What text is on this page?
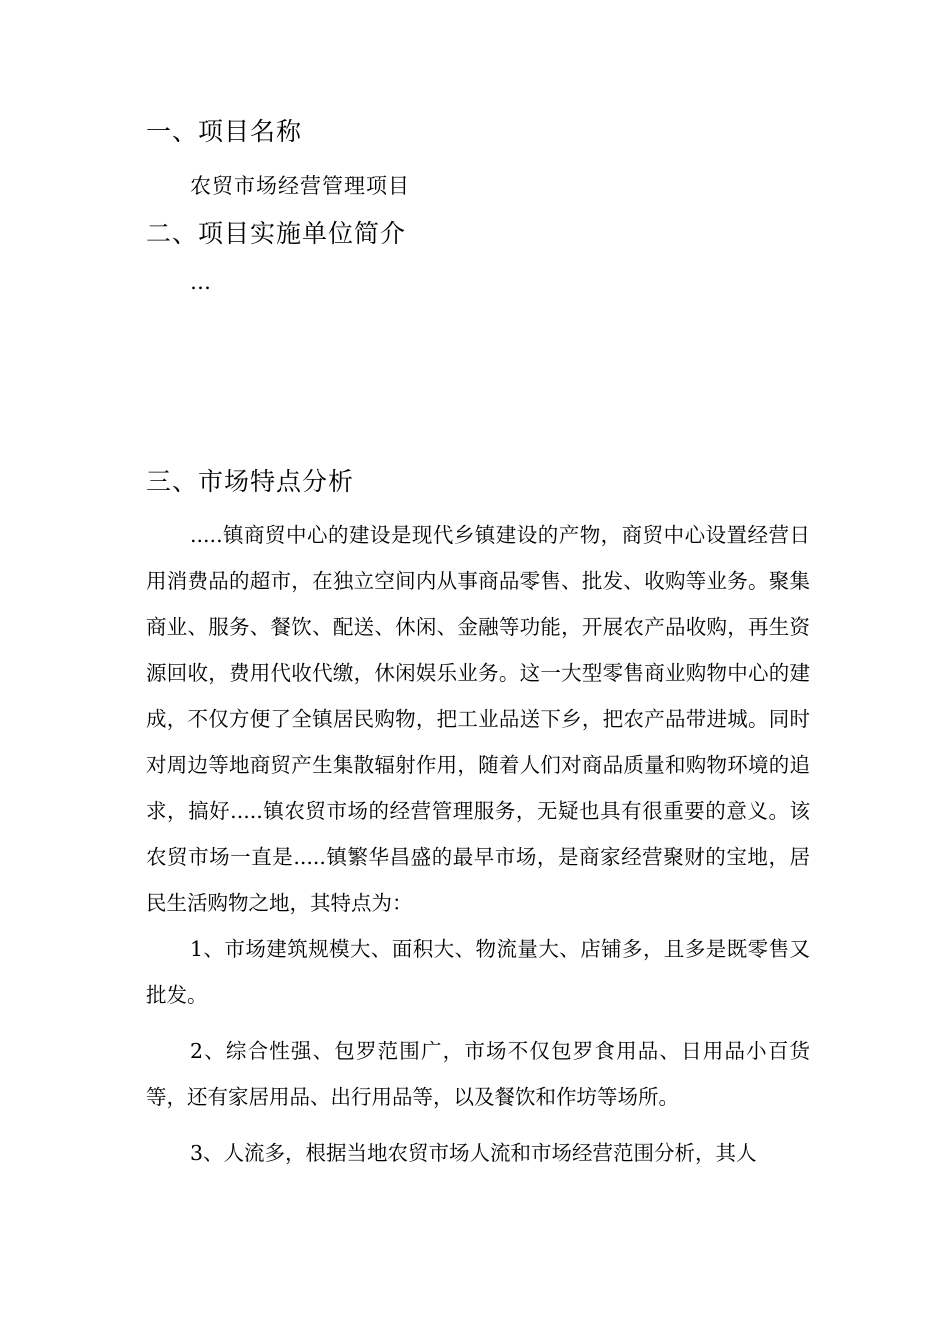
一、项目名称
农贸市场经营管理项目
二、项目实施单位简介
…
三、市场特点分析

.....镇商贸中心的建设是现代乡镇建设的产物，商贸中心设置经营日用消费品的超市，在独立空间内从事商品零售、批发、收购等业务。聚集商业、服务、餐饮、配送、休闲、金融等功能，开展农产品收购，再生资源回收，费用代收代缴，休闲娱乐业务。这一大型零售商业购物中心的建成，不仅方便了全镇居民购物，把工业品送下乡，把农产品带进城。同时对周边等地商贸产生集散辐射作用，随着人们对商品质量和购物环境的追求，搞好.....镇农贸市场的经营管理服务，无疑也具有很重要的意义。该农贸市场一直是.....镇繁华昌盛的最早市场，是商家经营聚财的宝地，居民生活购物之地，其特点为：

1、市场建筑规模大、面积大、物流量大、店铺多，且多是既零售又批发。

2、综合性强、包罗范围广，市场不仅包罗食用品、日用品小百货等，还有家居用品、出行用品等，以及餐饮和作坊等场所。

3、人流多，根据当地农贸市场人流和市场经营范围分析，其人
